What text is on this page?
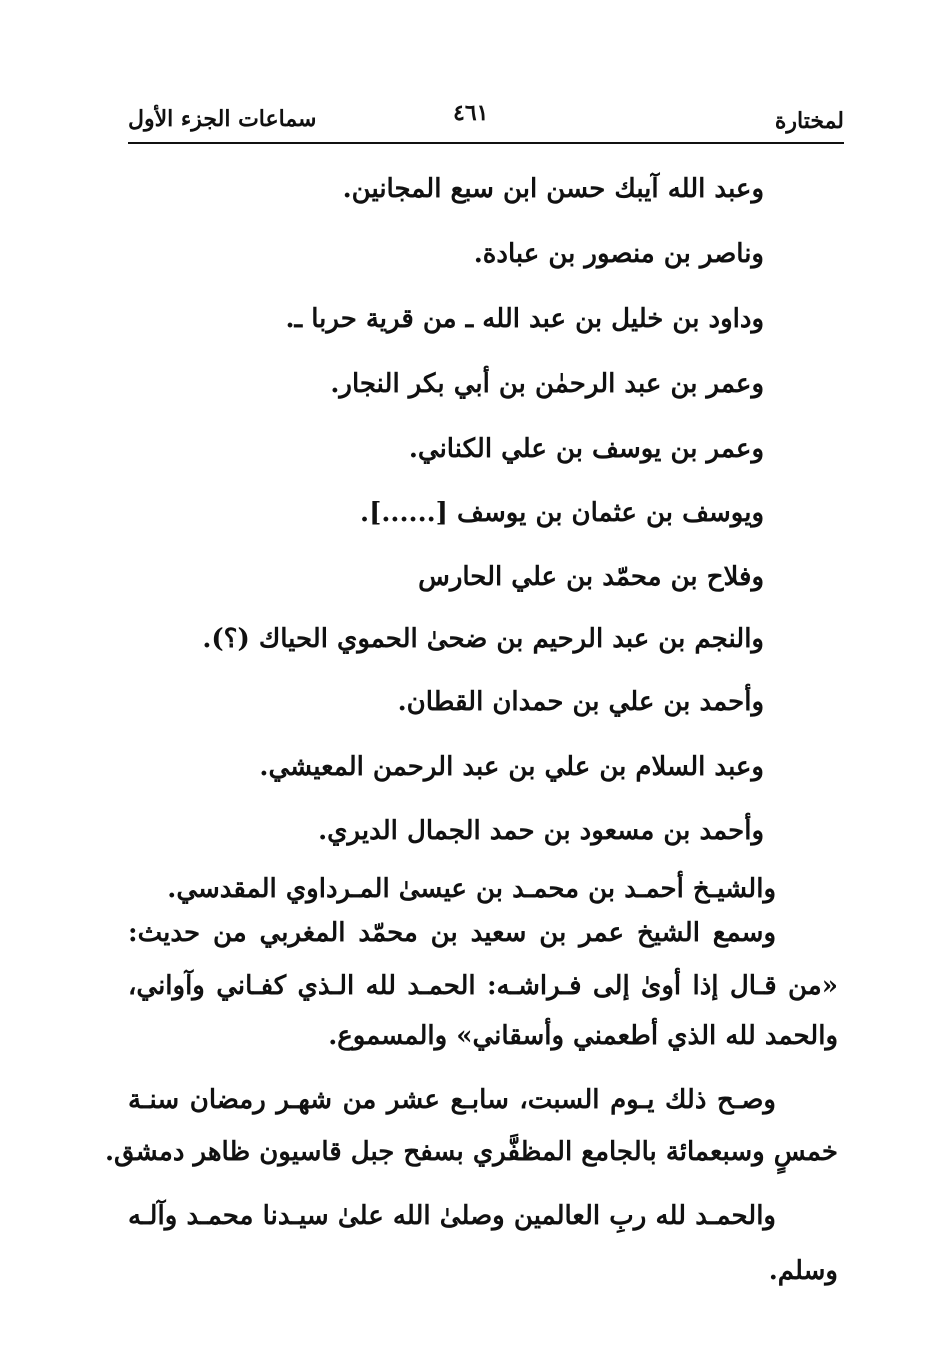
لمختارة
٤٦١
سماعات الجزء الأول
وعبد الله آيبك حسن ابن سبع المجانين.
وناصر بن منصور بن عبادة.
وداود بن خليل بن عبد الله ـ من قرية حربا ـ.
وعمر بن عبد الرحمٰن بن أبي بكر النجار.
وعمر بن يوسف بن علي الكناني.
ويوسف بن عثمان بن يوسف [......].
وفلاح بن محمّد بن علي الحارس
والنجم بن عبد الرحيم بن ضحىٰ الحموي الحياك (؟).
وأحمد بن علي بن حمدان القطان.
وعبد السلام بن علي بن عبد الرحمن المعيشي.
وأحمد بن مسعود بن حمد الجمال الديري.
والشيـخ أحمـد بن محمـد بن عيسىٰ المـرداوي المقدسي.
وسمع الشيخ عمر بن سعيد بن محمّد المغربي من حديث:
«من قـال إذا أوىٰ إلى فـراشـه: الحمـد لله الـذي كفـاني وآواني،
والحمد لله الذي أطعمني وأسقاني» والمسموع.
وصـح ذلك يـوم السبت، سابـع عشر من شهـر رمضان سنـة
خمسٍ وسبعمائة بالجامع المظفَّري بسفح جبل قاسيون ظاهر دمشق.
والحمـد لله ربِ العالمين وصلىٰ الله علىٰ سيـدنا محمـد وآلـه
وسلم.
